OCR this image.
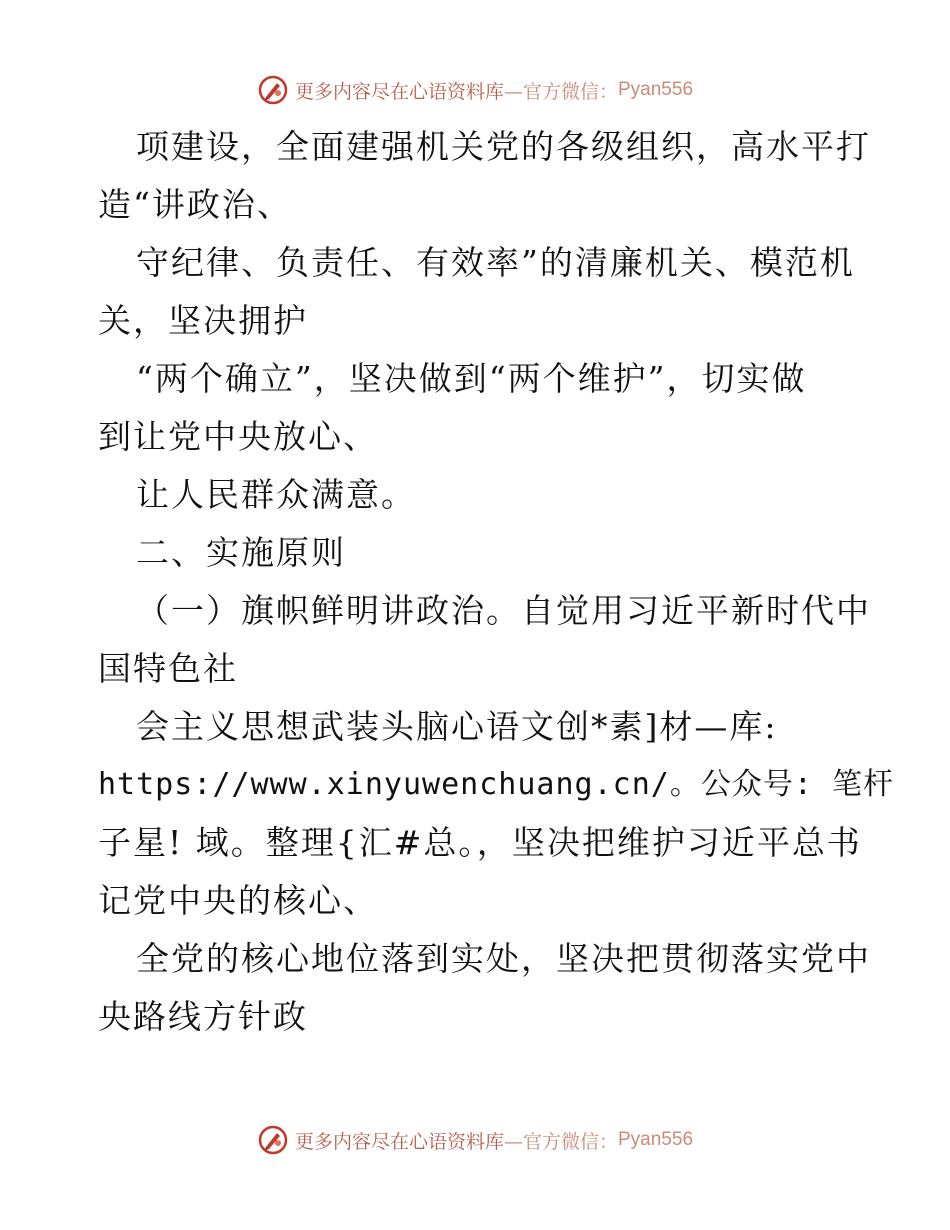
更多内容尽在心语资料库 —官方微信： Pyan556
项建设，全面建强机关党的各级组织，高水平打
造“讲政治、
守纪律、负责任、有效率”的清廉机关、模范机
关，坚决拥护
“两个确立”，坚决做到“两个维护”，切实做
到让党中央放心、
让人民群众满意。
二、实施原则
（一）旗帜鲜明讲政治。自觉用习近平新时代中
国特色社
会主义思想武装头脑心语文创*素]材—库:
https://www.xinyuwenchuang.cn/。公众号: 笔杆
子星! 域。整理{汇#总。，坚决把维护习近平总书
记党中央的核心、
全党的核心地位落到实处，坚决把贯彻落实党中
央路线方针政
更多内容尽在心语资料库 —官方微信： Pyan556
